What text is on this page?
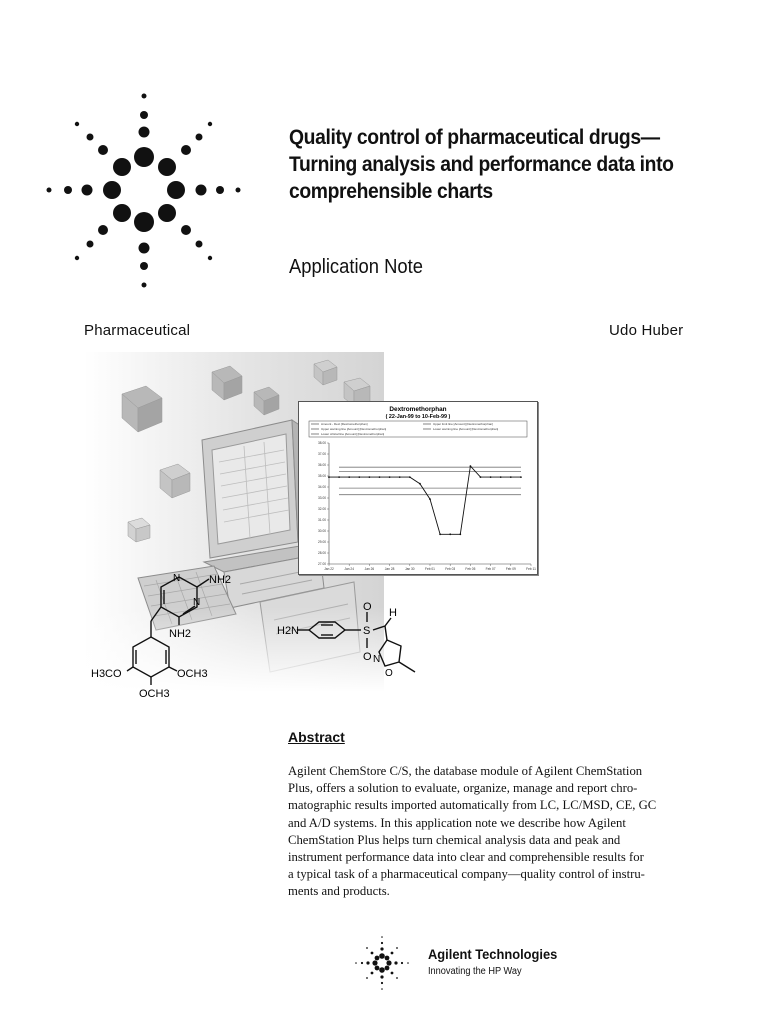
Quality control of pharmaceutical drugs—
Turning analysis and performance data into
comprehensible charts
Application Note
Pharmaceutical	Udo Huber
Dextromethorphan
( 22-Jan-99 to 10-Feb-99 )
Amount - Dext [Dextromethorphan]	Upper limit line [Amount] [Dextromethorphan]
Upper warning line [Amount] [Dextromethorphan]	Lower warning line [Amount] [Dextromethorphan]
Lower critical line [Amount] [Dextromethorphan]
38.00
37.00
36.00
35.00
34.00
33.00
32.00
31.00
30.00
29.00
28.00
27.00
Jan 22	Jan 24	Jan 26	Jan 28	Jan 30	Feb 01	Feb 03	Feb 05	Feb 07	Feb 09	Feb 11
NH2
N
N
NH2
H3CO	OCH3
OCH3
H2N	S
O
O
H
N
O
Abstract
Agilent ChemStore C/S, the database module of Agilent ChemStation
Plus, offers a solution to evaluate, organize, manage and report chro-
matographic results imported automatically from LC, LC/MSD, CE, GC
and A/D systems. In this application note we describe how Agilent
ChemStation Plus helps turn chemical analysis data and peak and
instrument performance data into clear and comprehensible results for
a typical task of a pharmaceutical company—quality control of instru-
ments and products.
Agilent Technologies
Innovating the HP Way
